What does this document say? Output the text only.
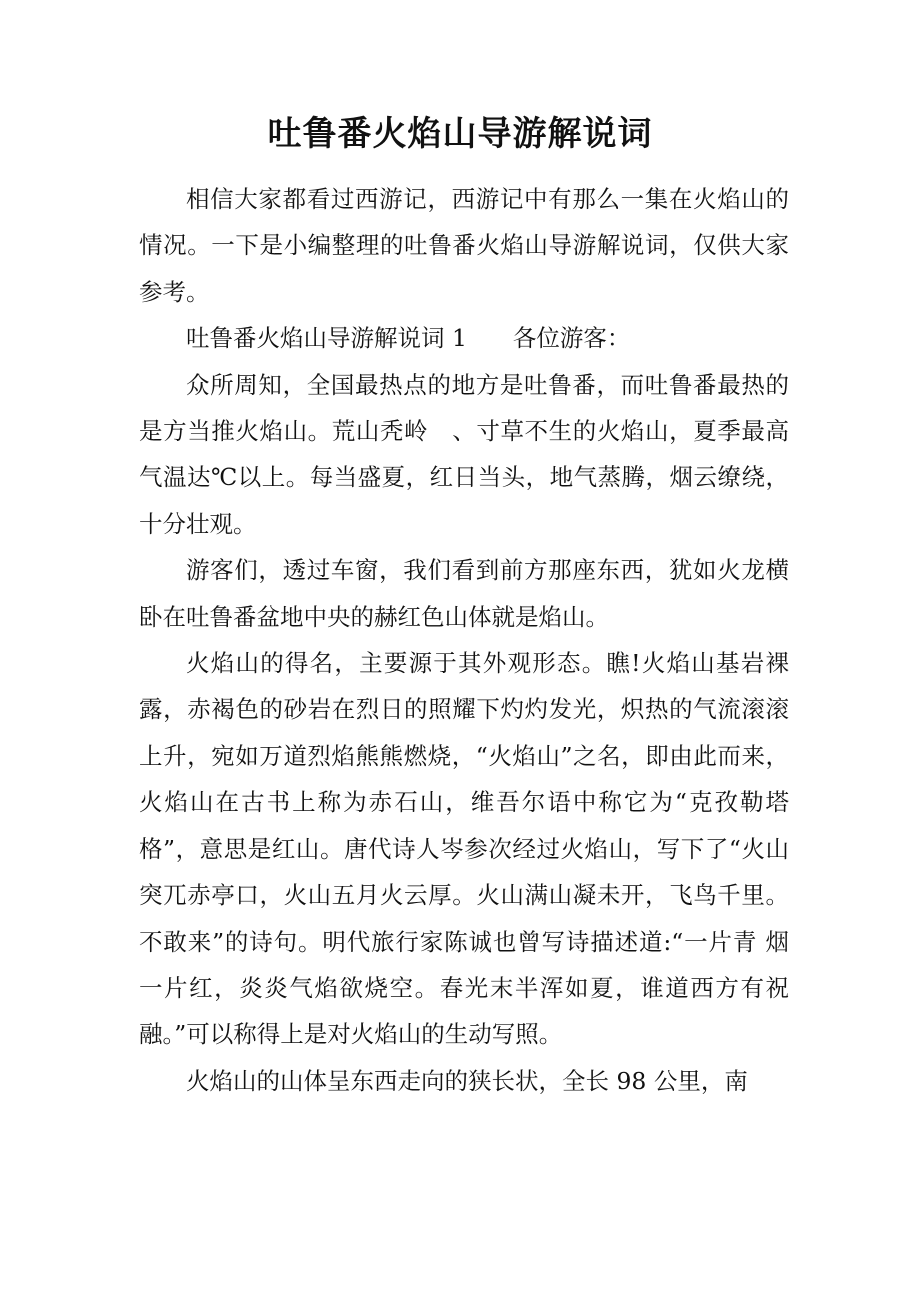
吐鲁番火焰山导游解说词

相信大家都看过西游记，西游记中有那么一集在火焰山的情况。一下是小编整理的吐鲁番火焰山导游解说词，仅供大家参考。

吐鲁番火焰山导游解说词 1 各位游客：

众所周知，全国最热点的地方是吐鲁番，而吐鲁番最热的是方当推火焰山。荒山秃岭　、寸草不生的火焰山，夏季最高气温达℃以上。每当盛夏，红日当头，地气蒸腾，烟云缭绕，十分壮观。

游客们，透过车窗，我们看到前方那座东西，犹如火龙横卧在吐鲁番盆地中央的赫红色山体就是焰山。

火焰山的得名，主要源于其外观形态。瞧!火焰山基岩裸露，赤褐色的砂岩在烈日的照耀下灼灼发光，炽热的气流滚滚上升，宛如万道烈焰熊熊燃烧，“火焰山”之名，即由此而来，火焰山在古书上称为赤石山，维吾尔语中称它为“克孜勒塔格”，意思是红山。唐代诗人岑参次经过火焰山，写下了“火山突兀赤亭口，火山五月火云厚。火山满山凝未开，飞鸟千里。不敢来”的诗句。明代旅行家陈诚也曾写诗描述道:“一片青 烟一片红，炎炎气焰欲烧空。春光末半浑如夏，谁道西方有祝融。”可以称得上是对火焰山的生动写照。

火焰山的山体呈东西走向的狭长状，全长 98 公里，南
